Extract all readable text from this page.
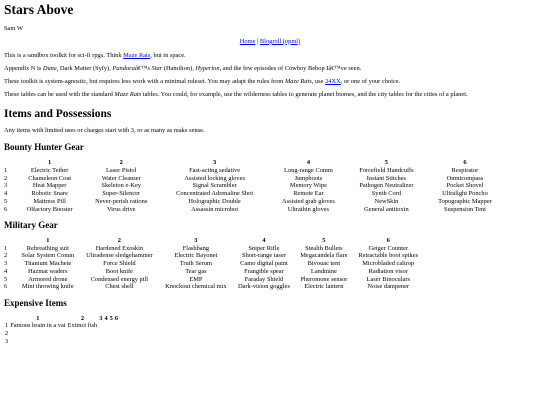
Stars Above

Sam W

Home | Blogroll (opml)

This is a sandbox toolkit for sci-fi rpgs. Think Maze Rats, but in space.

Appendix N is Dune, Dark Matter (Syfy), Pandoraâ€™s Star (Hamilton), Hyperion, and the few episodes of Cowboy Bebop Iâ€™ve seen.

These toolkit is system-agnostic, but requires less work with a minimal ruleset. You may adapt the rules from Maze Rats, use 24XX, or one of your choice.

These tables can be used with the standard Maze Rats tables. You could, for example, use the wilderness tables to generate planet biomes, and the city tables for the cities of a planet.

Items and Possessions

Any items with limited uses or charges start with 3, or as many as make sense.

Bounty Hunter Gear
	1	2	3	4	5	6
1	Electric Tether	Laser Pistol	Fast-acting sedative	Long-range Comm	Forcefield Handcuffs	Respirator
2	Chameleon Coat	Water Cleanser	Assisted locking gloves	Jumpboots	Instant Stitches	Omnicompass
3	Heat Mapper	Skeleton e-Key	Signal Scrambler	Memory Wipe	Pathogen Neutralizer	Pocket Shovel
4	Robotic Snare	Super-Silencer	Concentrated Adrenaline Shot	Remote Ear	Synth Cord	Ultralight Poncho
5	Mattress Pill	Never-perish rations	Holographic Double	Assisted grab gloves	NewSkin	Topographic Mapper
6	Olfactory Booster	Virus drive	Assassin microbot	Ultrathin gloves	General antitoxin	Suspension Tent
Military Gear
	1	2	3	4	5	6
1	Rebreathing suit	Hardened Exoskin	Flashbang	Sniper Rifle	Stealth Bullets	Geiger Counter
2	Solar System Comm	Ultradense sledgehammer	Electric Bayonet	Short-range taser	Megacandela flare	Retractable boot spikes
3	Titanium Machete	Force Shield	Truth Serum	Camo digital paint	Bivouac tent	Microbladed caltrop
4	Hazmat waders	Boot knife	Tear gas	Frangible spear	Landmine	Radiation visor
5	Armored drone	Condensed energy pill	EMP	Faraday Shield	Pheromone sensor	Laser Binoculars
6	Mini throwing knife	Chest shell	Knockout chemical mix	Dark-vision goggles	Electric lantern	Noise dampener
Expensive Items
	1	2	3	4	5	6
1	Famous brain in a vat	Extinct fish				
2						
3						
